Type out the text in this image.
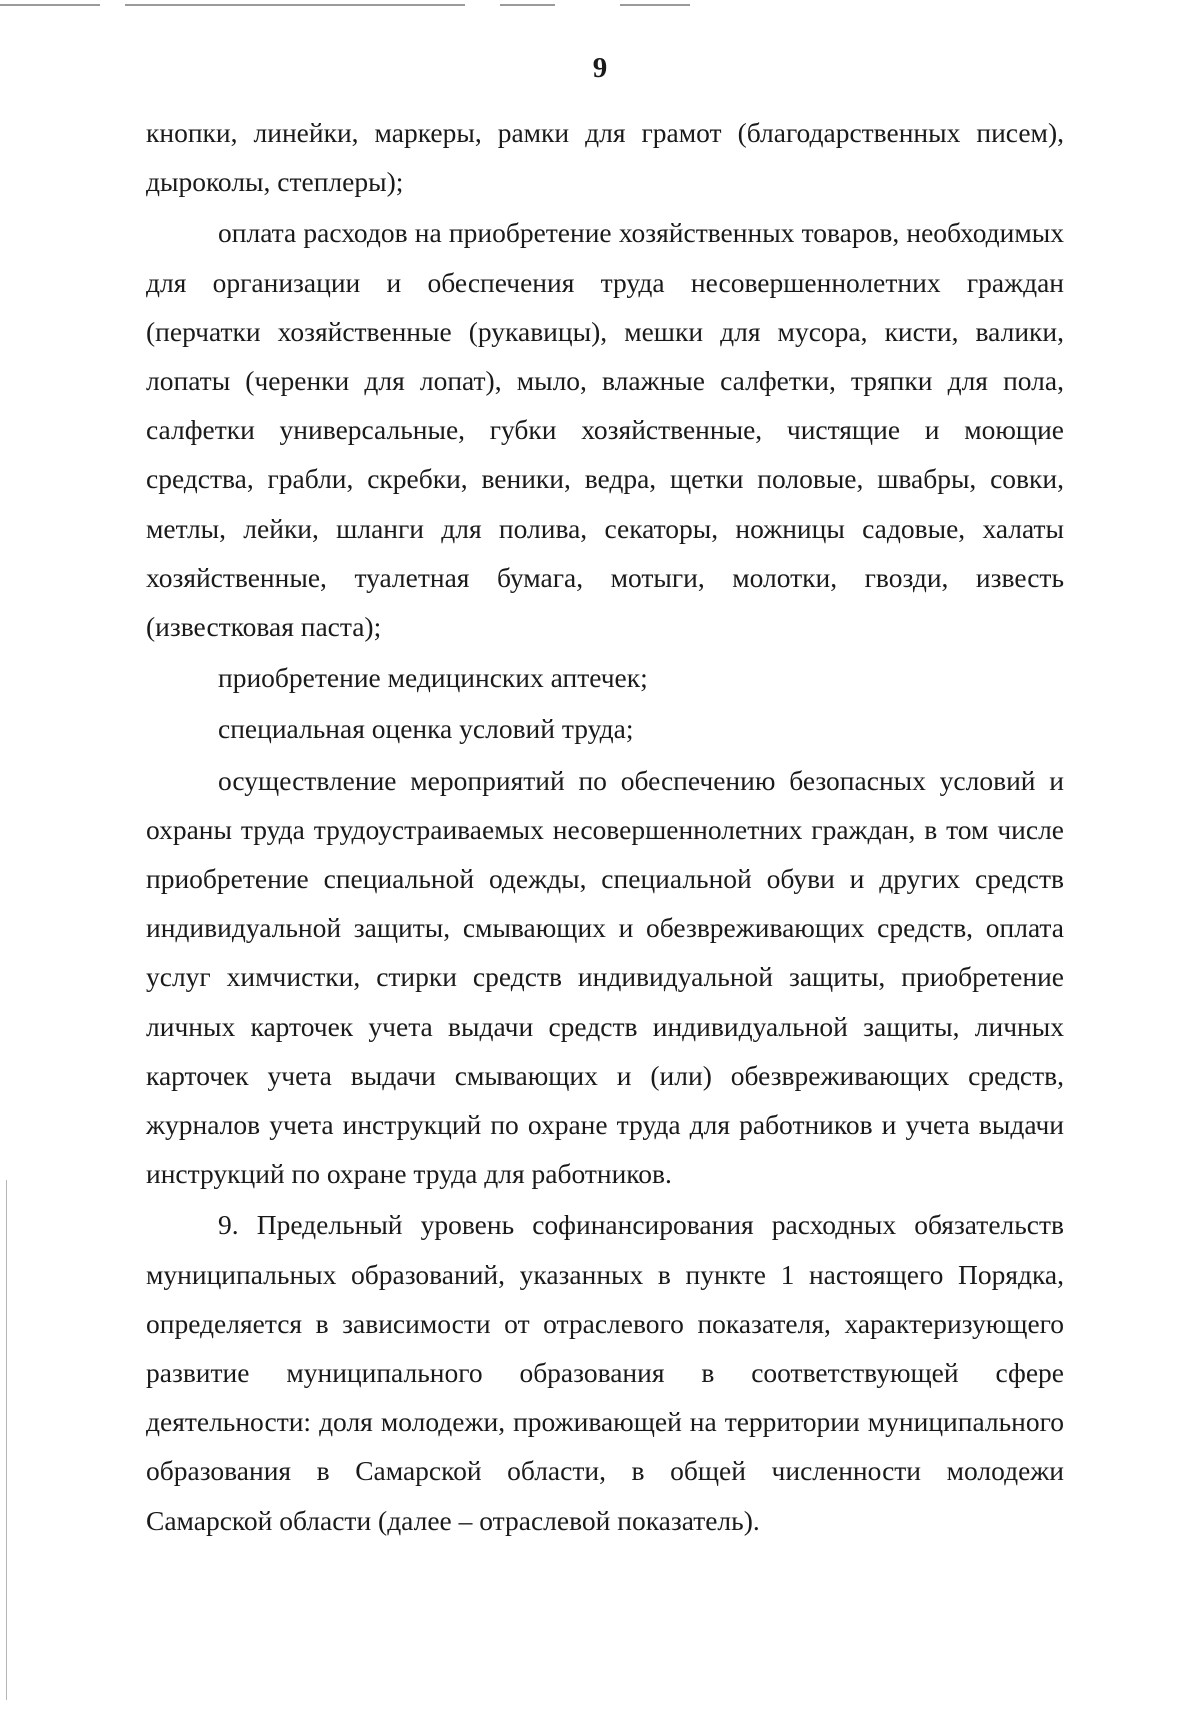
9

кнопки, линейки, маркеры, рамки для грамот (благодарственных писем), дыроколы, степлеры);

оплата расходов на приобретение хозяйственных товаров, необходимых для организации и обеспечения труда несовершеннолетних граждан (перчатки хозяйственные (рукавицы), мешки для мусора, кисти, валики, лопаты (черенки для лопат), мыло, влажные салфетки, тряпки для пола, салфетки универсальные, губки хозяйственные, чистящие и моющие средства, грабли, скребки, веники, ведра, щетки половые, швабры, совки, метлы, лейки, шланги для полива, секаторы, ножницы садовые, халаты хозяйственные, туалетная бумага, мотыги, молотки, гвозди, известь (известковая паста);

приобретение медицинских аптечек;

специальная оценка условий труда;

осуществление мероприятий по обеспечению безопасных условий и охраны труда трудоустраиваемых несовершеннолетних граждан, в том числе приобретение специальной одежды, специальной обуви и других средств индивидуальной защиты, смывающих и обезвреживающих средств, оплата услуг химчистки, стирки средств индивидуальной защиты, приобретение личных карточек учета выдачи средств индивидуальной защиты, личных карточек учета выдачи смывающих и (или) обезвреживающих средств, журналов учета инструкций по охране труда для работников и учета выдачи инструкций по охране труда для работников.

9. Предельный уровень софинансирования расходных обязательств муниципальных образований, указанных в пункте 1 настоящего Порядка, определяется в зависимости от отраслевого показателя, характеризующего развитие муниципального образования в соответствующей сфере деятельности: доля молодежи, проживающей на территории муниципального образования в Самарской области, в общей численности молодежи Самарской области (далее – отраслевой показатель).
